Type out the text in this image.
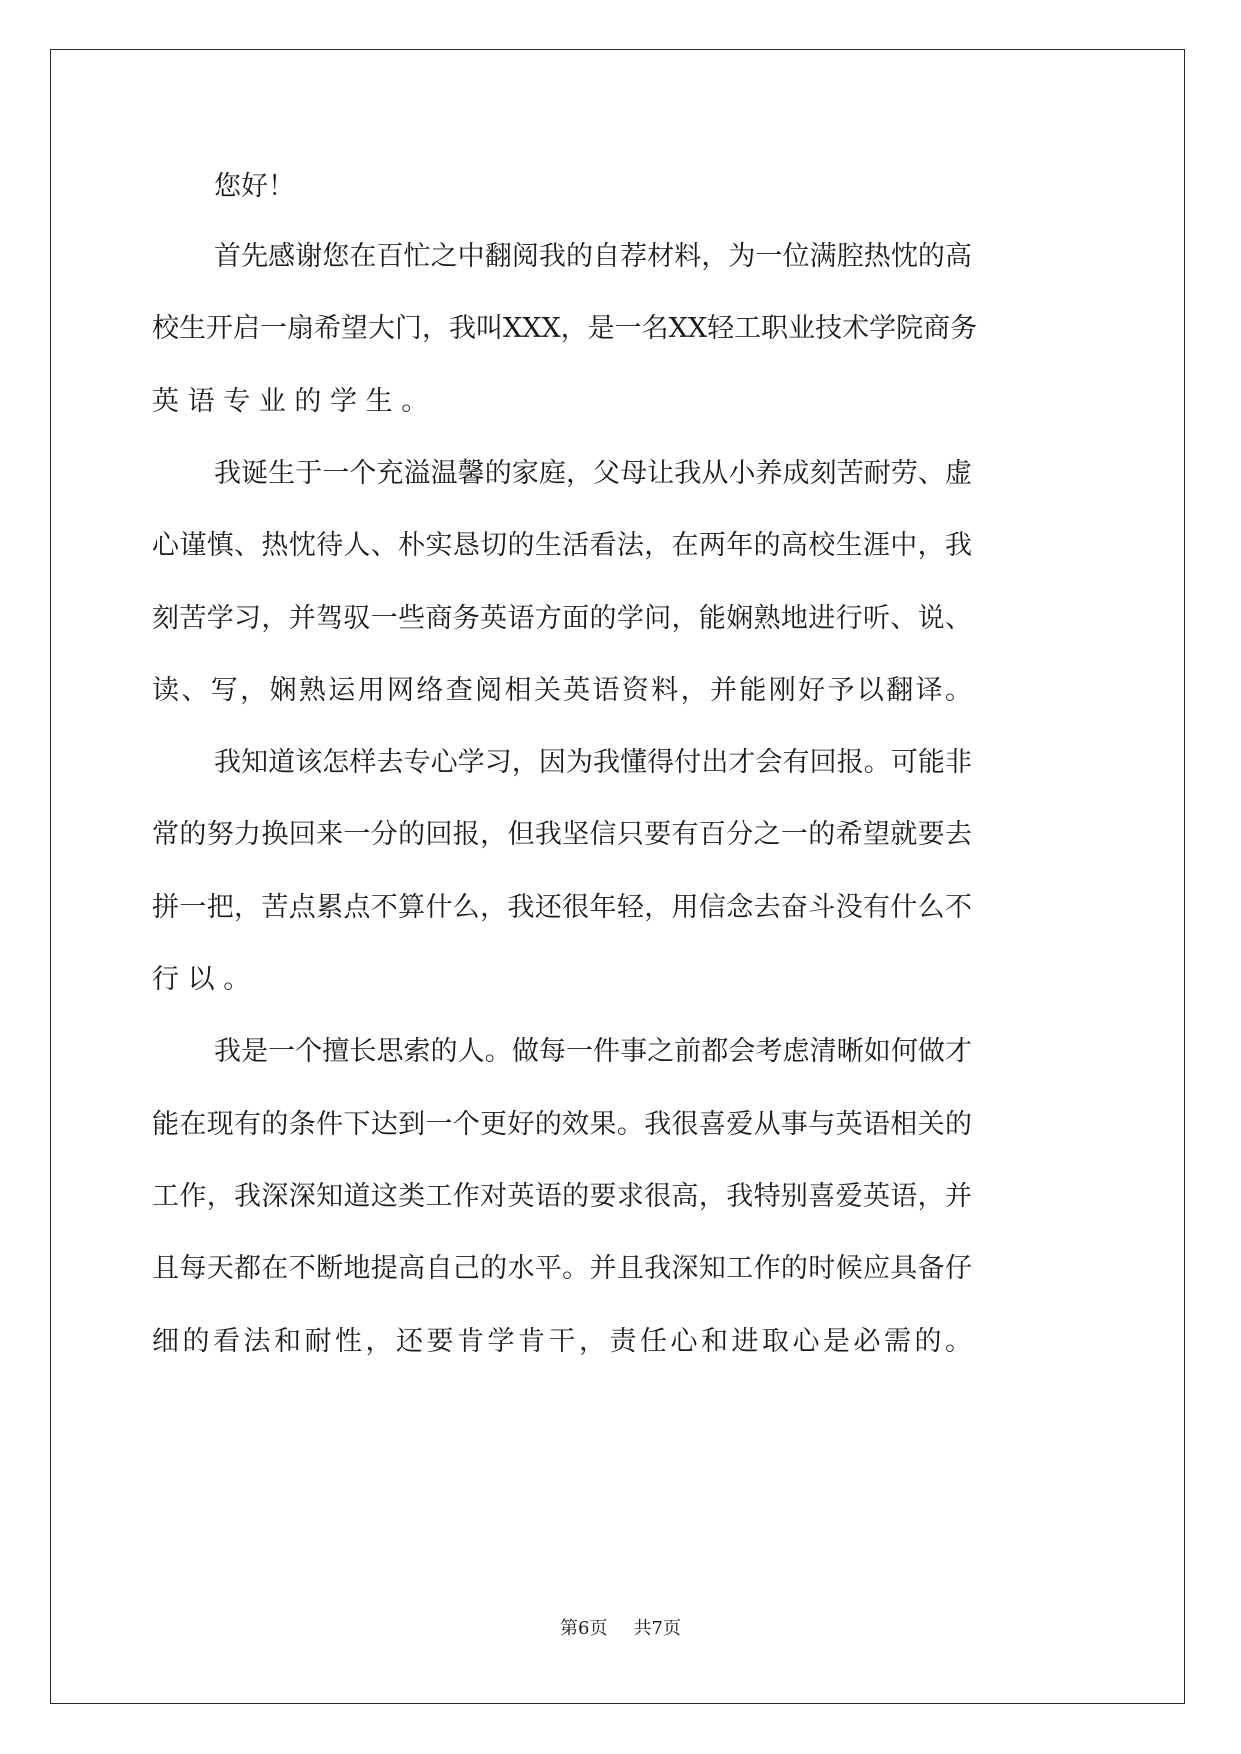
您好！
首先感谢您在百忙之中翻阅我的自荐材料，为一位满腔热忱的高
校生开启一扇希望大门，我叫XXX，是一名XX轻工职业技术学院商务
英语专业的学生。
我诞生于一个充溢温馨的家庭，父母让我从小养成刻苦耐劳、虚
心谨慎、热忱待人、朴实恳切的生活看法，在两年的高校生涯中，我
刻苦学习，并驾驭一些商务英语方面的学问，能娴熟地进行听、说、
读、写，娴熟运用网络查阅相关英语资料，并能刚好予以翻译。
我知道该怎样去专心学习，因为我懂得付出才会有回报。可能非
常的努力换回来一分的回报，但我坚信只要有百分之一的希望就要去
拼一把，苦点累点不算什么，我还很年轻，用信念去奋斗没有什么不
行以。
我是一个擅长思索的人。做每一件事之前都会考虑清晰如何做才
能在现有的条件下达到一个更好的效果。我很喜爱从事与英语相关的
工作，我深深知道这类工作对英语的要求很高，我特别喜爱英语，并
且每天都在不断地提高自己的水平。并且我深知工作的时候应具备仔
细的看法和耐性，还要肯学肯干，责任心和进取心是必需的。
第6页 共7页
